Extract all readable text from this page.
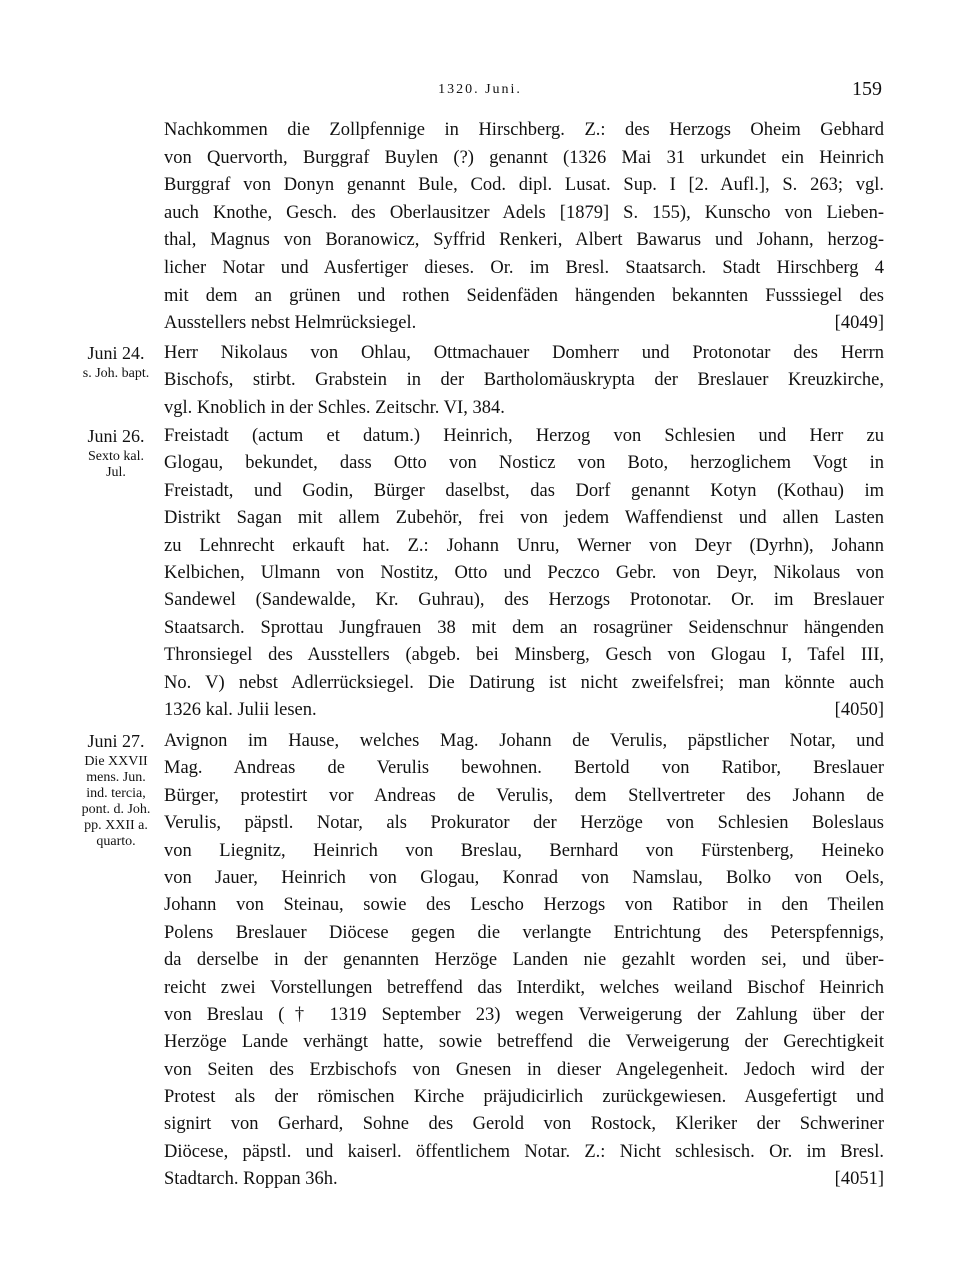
1320. Juni.	159
Nachkommen die Zollpfennige in Hirschberg. Z.: des Herzogs Oheim Gebhard
von Quervorth, Burggraf Buylen (?) genannt (1326 Mai 31 urkundet ein Heinrich
Burggraf von Donyn genannt Bule, Cod. dipl. Lusat. Sup. I [2. Aufl.], S. 263; vgl.
auch Knothe, Gesch. des Oberlausitzer Adels [1879] S. 155), Kunscho von Lieben-
thal, Magnus von Boranowicz, Syffrid Renkeri, Albert Bawarus und Johann, herzog-
licher Notar und Ausfertiger dieses. Or. im Bresl. Staatsarch. Stadt Hirschberg 4
mit dem an grünen und rothen Seidenfäden hängenden bekannten Fusssiegel des
Ausstellers nebst Helmrücksiegel.	[4049]
Juni 24.
s. Joh. bapt.
Herr Nikolaus von Ohlau, Ottmachauer Domherr und Protonotar des Herrn
Bischofs, stirbt. Grabstein in der Bartholomäuskrypta der Breslauer Kreuzkirche,
vgl. Knoblich in der Schles. Zeitschr. VI, 384.
Juni 26.
Sexto kal.
Jul.
Freistadt (actum et datum.) Heinrich, Herzog von Schlesien und Herr zu
Glogau, bekundet, dass Otto von Nosticz von Boto, herzoglichem Vogt in
Freistadt, und Godin, Bürger daselbst, das Dorf genannt Kotyn (Kothau) im
Distrikt Sagan mit allem Zubehör, frei von jedem Waffendienst und allen Lasten
zu Lehnrecht erkauft hat. Z.: Johann Unru, Werner von Deyr (Dyrhn), Johann
Kelbichen, Ulmann von Nostitz, Otto und Peczco Gebr. von Deyr, Nikolaus von
Sandewel (Sandewalde, Kr. Guhrau), des Herzogs Protonotar. Or. im Breslauer
Staatsarch. Sprottau Jungfrauen 38 mit dem an rosagrüner Seidenschnur hängenden
Thronsiegel des Ausstellers (abgeb. bei Minsberg, Gesch von Glogau I, Tafel III,
No. V) nebst Adlerrücksiegel. Die Datirung ist nicht zweifelsfrei; man könnte auch
1326 kal. Julii lesen.	[4050]
Juni 27.
Die XXVII
mens. Jun.
ind. tercia,
pont. d. Joh.
pp. XXII a.
quarto.
Avignon im Hause, welches Mag. Johann de Verulis, päpstlicher Notar, und
Mag. Andreas de Verulis bewohnen. Bertold von Ratibor, Breslauer
Bürger, protestirt vor Andreas de Verulis, dem Stellvertreter des Johann de
Verulis, päpstl. Notar, als Prokurator der Herzöge von Schlesien Boleslaus
von Liegnitz, Heinrich von Breslau, Bernhard von Fürstenberg, Heineko
von Jauer, Heinrich von Glogau, Konrad von Namslau, Bolko von Oels,
Johann von Steinau, sowie des Lescho Herzogs von Ratibor in den Theilen
Polens Breslauer Diöcese gegen die verlangte Entrichtung des Peterspfennigs,
da derselbe in der genannten Herzöge Landen nie gezahlt worden sei, und über-
reicht zwei Vorstellungen betreffend das Interdikt, welches weiland Bischof Heinrich
von Breslau († 1319 September 23) wegen Verweigerung der Zahlung über der
Herzöge Lande verhängt hatte, sowie betreffend die Verweigerung der Gerechtigkeit
von Seiten des Erzbischofs von Gnesen in dieser Angelegenheit. Jedoch wird der
Protest als der römischen Kirche präjudicirlich zurückgewiesen. Ausgefertigt und
signirt von Gerhard, Sohne des Gerold von Rostock, Kleriker der Schweriner
Diöcese, päpstl. und kaiserl. öffentlichem Notar. Z.: Nicht schlesisch. Or. im Bresl.
Stadtarch. Roppan 36h.	[4051]
